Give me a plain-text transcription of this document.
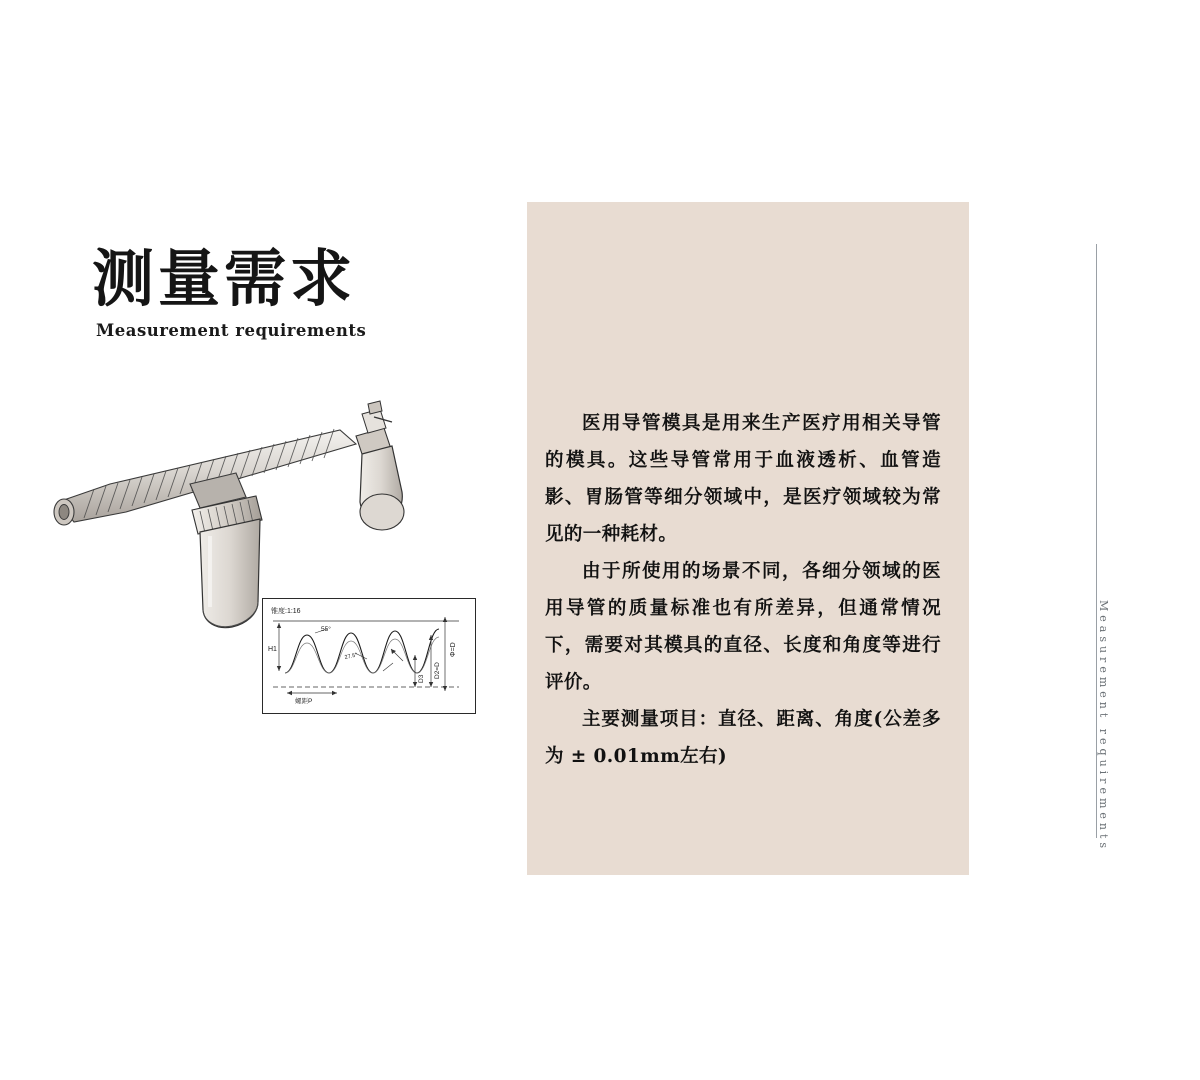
测量需求
Measurement requirements
锥度:1:16
H1
55°
27.5°
螺距P
Φ=D
D2=D
D3

医用导管模具是用来生产医疗用相关导管的模具。这些导管常用于血液透析、血管造影、胃肠管等细分领域中，是医疗领域较为常见的一种耗材。

由于所使用的场景不同，各细分领域的医用导管的质量标准也有所差异，但通常情况下，需要对其模具的直径、长度和角度等进行评价。

主要测量项目：直径、距离、角度(公差多为 ± 0.01mm左右)	Measurement requirements
